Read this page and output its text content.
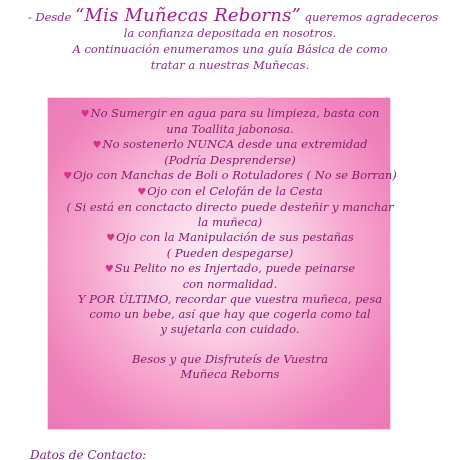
- Desde “Mis Muñecas Reborns” queremos agradeceros
la confianza depositada en nosotros.
A continuación enumeramos una guía Básica de como
tratar a nuestras Muñecas.
♥No Sumergir en agua para su limpieza, basta con
una Toallita jabonosa.
♥No sostenerlo NUNCA desde una extremidad
(Podría Desprenderse)
♥Ojo con Manchas de Boli o Rotuladores ( No se Borran)
♥Ojo con el Celofán de la Cesta
( Si está en conctacto directo puede desteñir y manchar
la muñeca)
♥Ojo con la Manipulación de sus pestañas
( Pueden despegarse)
♥Su Pelito no es Injertado, puede peinarse
con normalidad.
Y POR ÚLTIMO, recordar que vuestra muñeca, pesa
como un bebe, así que hay que cogerla como tal
y sujetarla con cuidado.
Besos y que Disfruteís de Vuestra
Muñeca Reborns
Datos de Contacto:
